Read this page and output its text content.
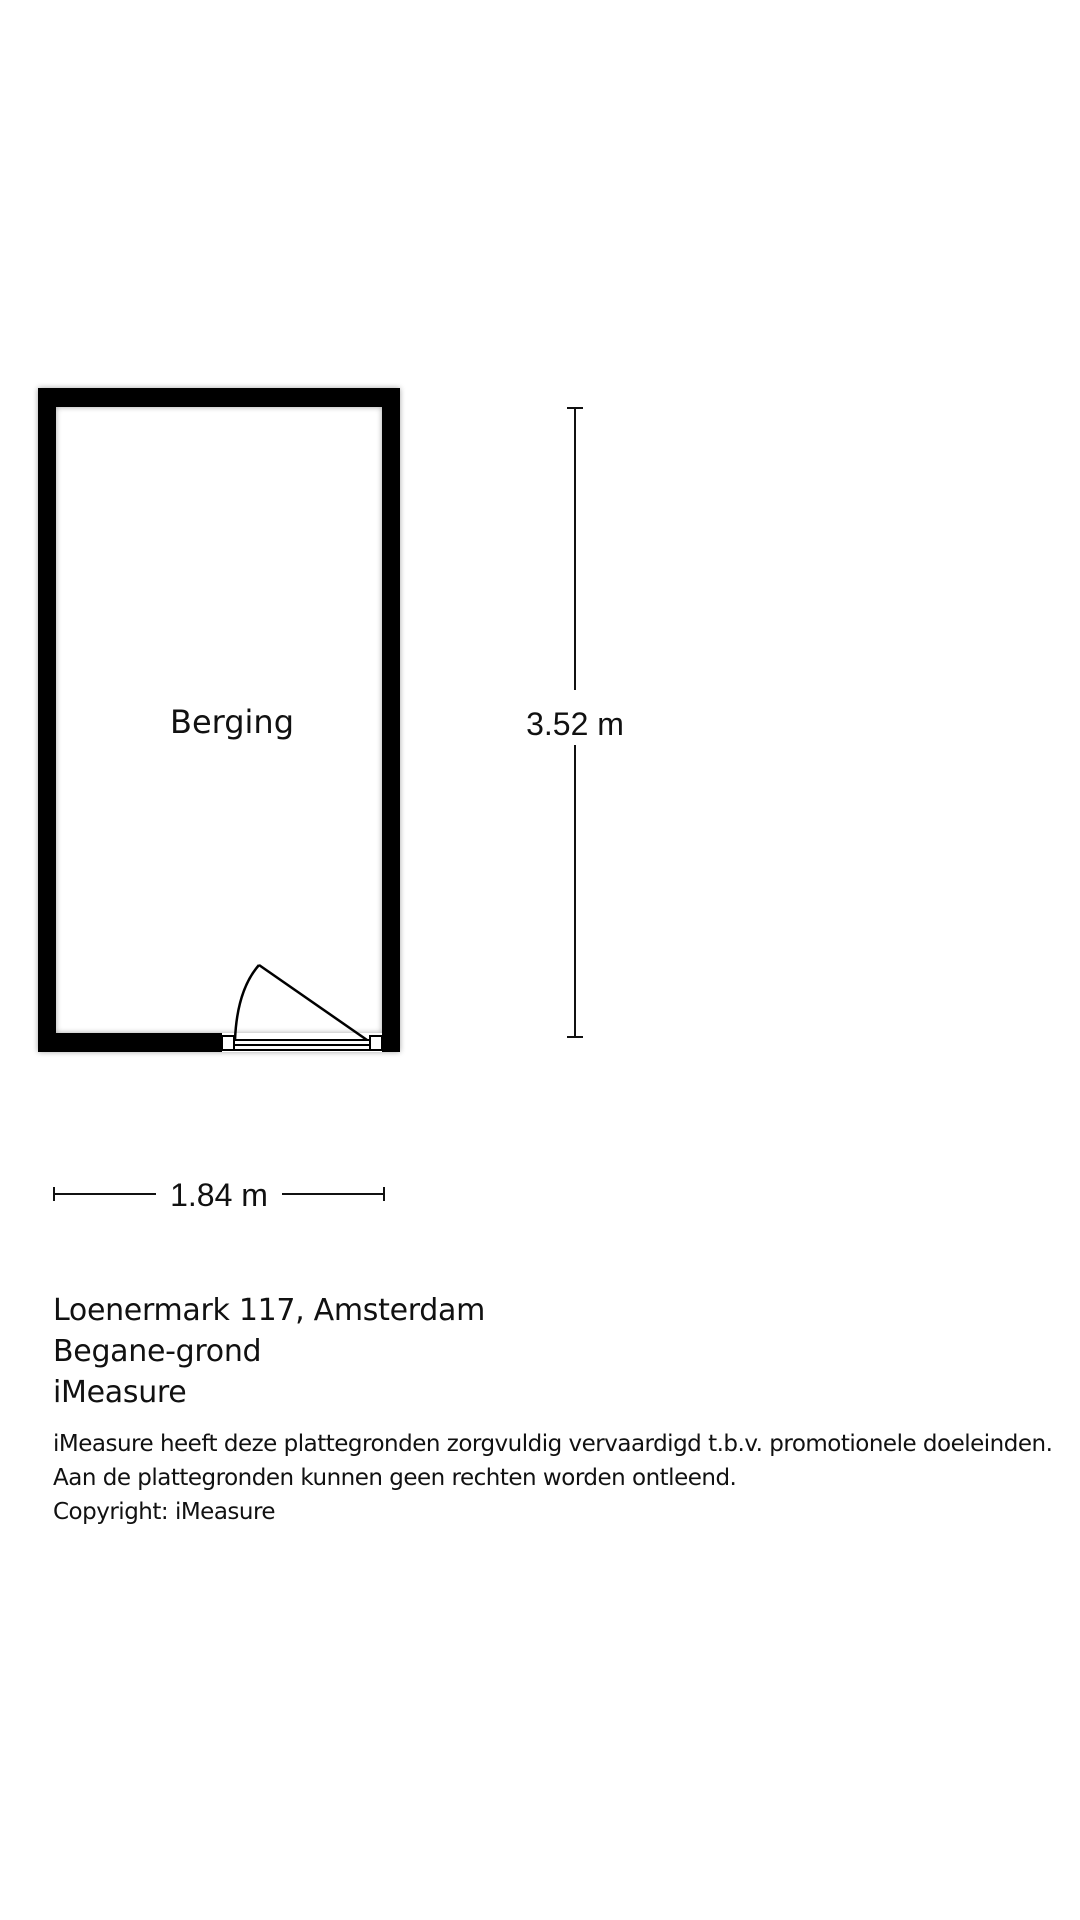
Berging	3.52 m
1.84 m
Loenermark 117, Amsterdam
Begane-grond
iMeasure
iMeasure heeft deze plattegronden zorgvuldig vervaardigd t.b.v. promotionele doeleinden.
Aan de plattegronden kunnen geen rechten worden ontleend.
Copyright: iMeasure
